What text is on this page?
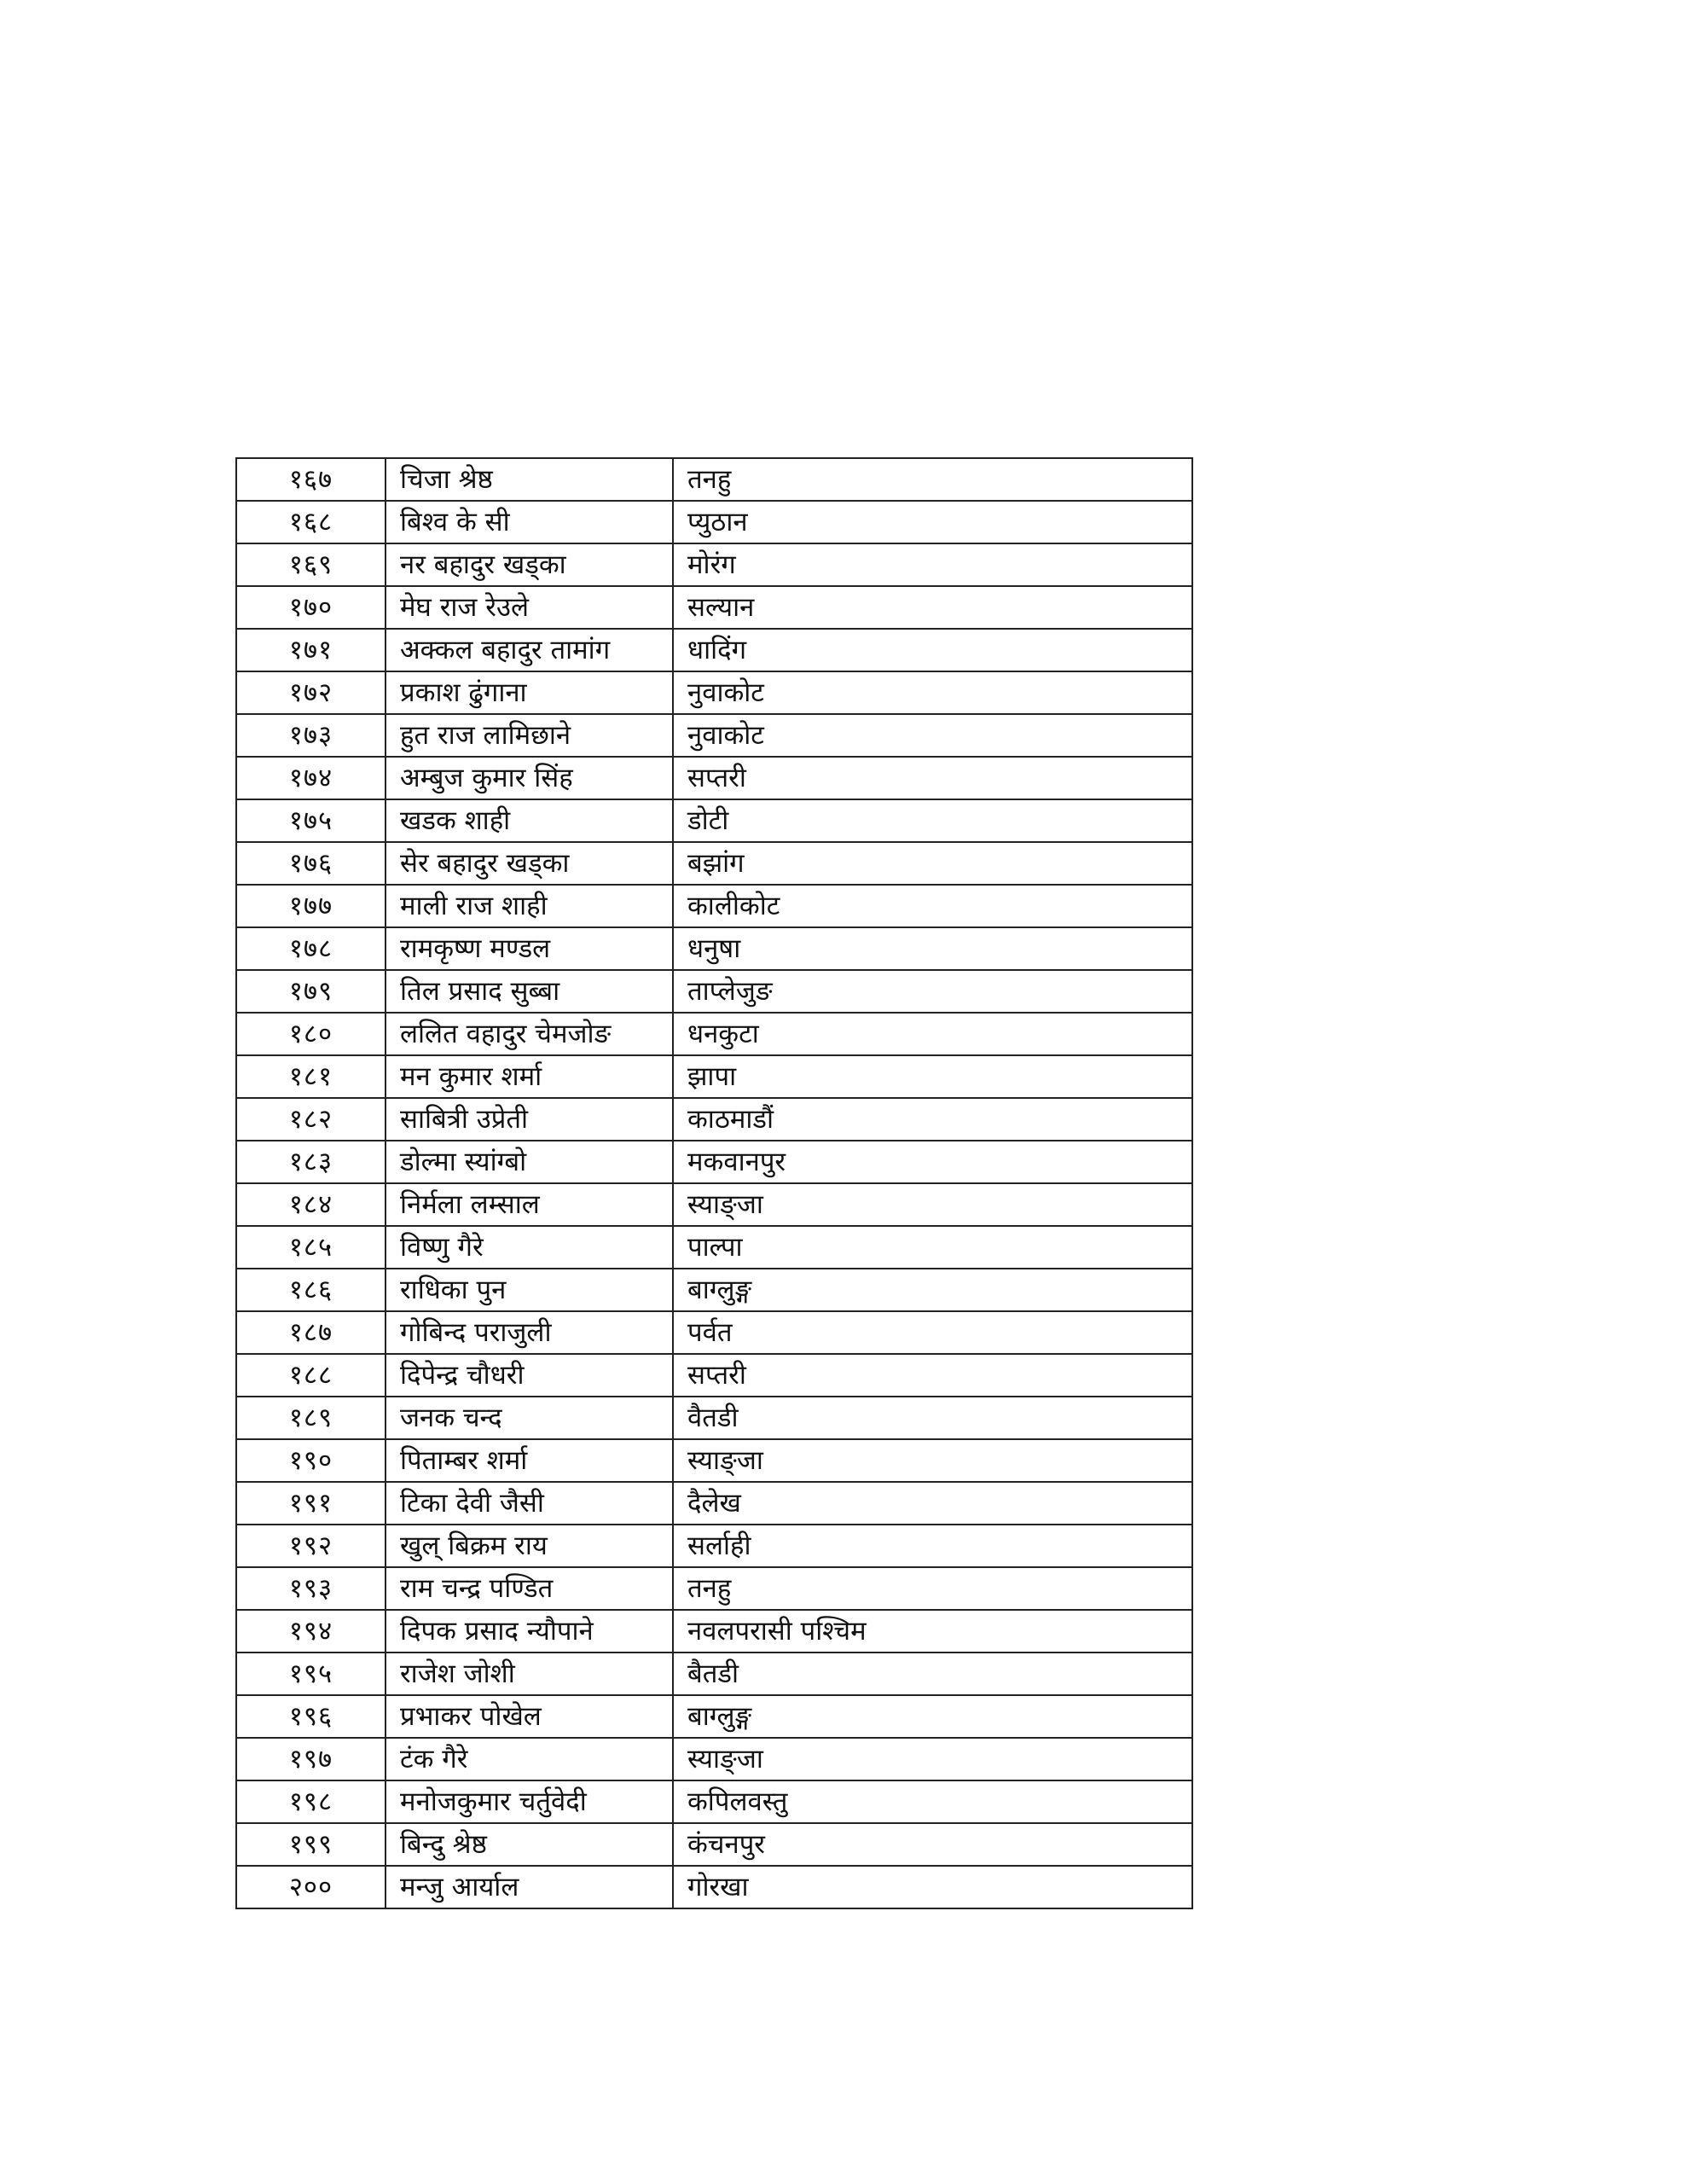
१६७	चिजा श्रेष्ठ	तनहु
१६८	बिश्व के सी	प्युठान
१६९	नर बहादुर खड्का	मोरंग
१७०	मेघ राज रेउले	सल्यान
१७१	अक्कल बहादुर तामांग	धादिंग
१७२	प्रकाश ढुंगाना	नुवाकोट
१७३	हुत राज लामिछाने	नुवाकोट
१७४	अम्बुज कुमार सिंह	सप्तरी
१७५	खडक शाही	डोटी
१७६	सेर बहादुर खड्का	बझांग
१७७	माली राज शाही	कालीकोट
१७८	रामकृष्ण मण्डल	धनुषा
१७९	तिल प्रसाद सुब्बा	ताप्लेजुङ
१८०	ललित वहादुर चेमजोङ	धनकुटा
१८१	मन कुमार शर्मा	झापा
१८२	साबित्री उप्रेती	काठमाडौं
१८३	डोल्मा स्यांग्बो	मकवानपुर
१८४	निर्मला लम्साल	स्याङ्जा
१८५	विष्णु गैरे	पाल्पा
१८६	राधिका पुन	बाग्लुङ्ग
१८७	गोबिन्द पराजुली	पर्वत
१८८	दिपेन्द्र चौधरी	सप्तरी
१८९	जनक चन्द	वैतडी
१९०	पिताम्बर शर्मा	स्याङ्जा
१९१	टिका देवी जैसी	दैलेख
१९२	खुल् बिक्रम राय	सर्लाही
१९३	राम चन्द्र पण्डित	तनहु
१९४	दिपक प्रसाद न्यौपाने	नवलपरासी पश्चिम
१९५	राजेश जोशी	बैतडी
१९६	प्रभाकर पोखेल	बाग्लुङ्ग
१९७	टंक गैरे	स्याङ्जा
१९८	मनोजकुमार चर्तुवेदी	कपिलवस्तु
१९९	बिन्दु श्रेष्ठ	कंचनपुर
२००	मन्जु आर्याल	गोरखा
